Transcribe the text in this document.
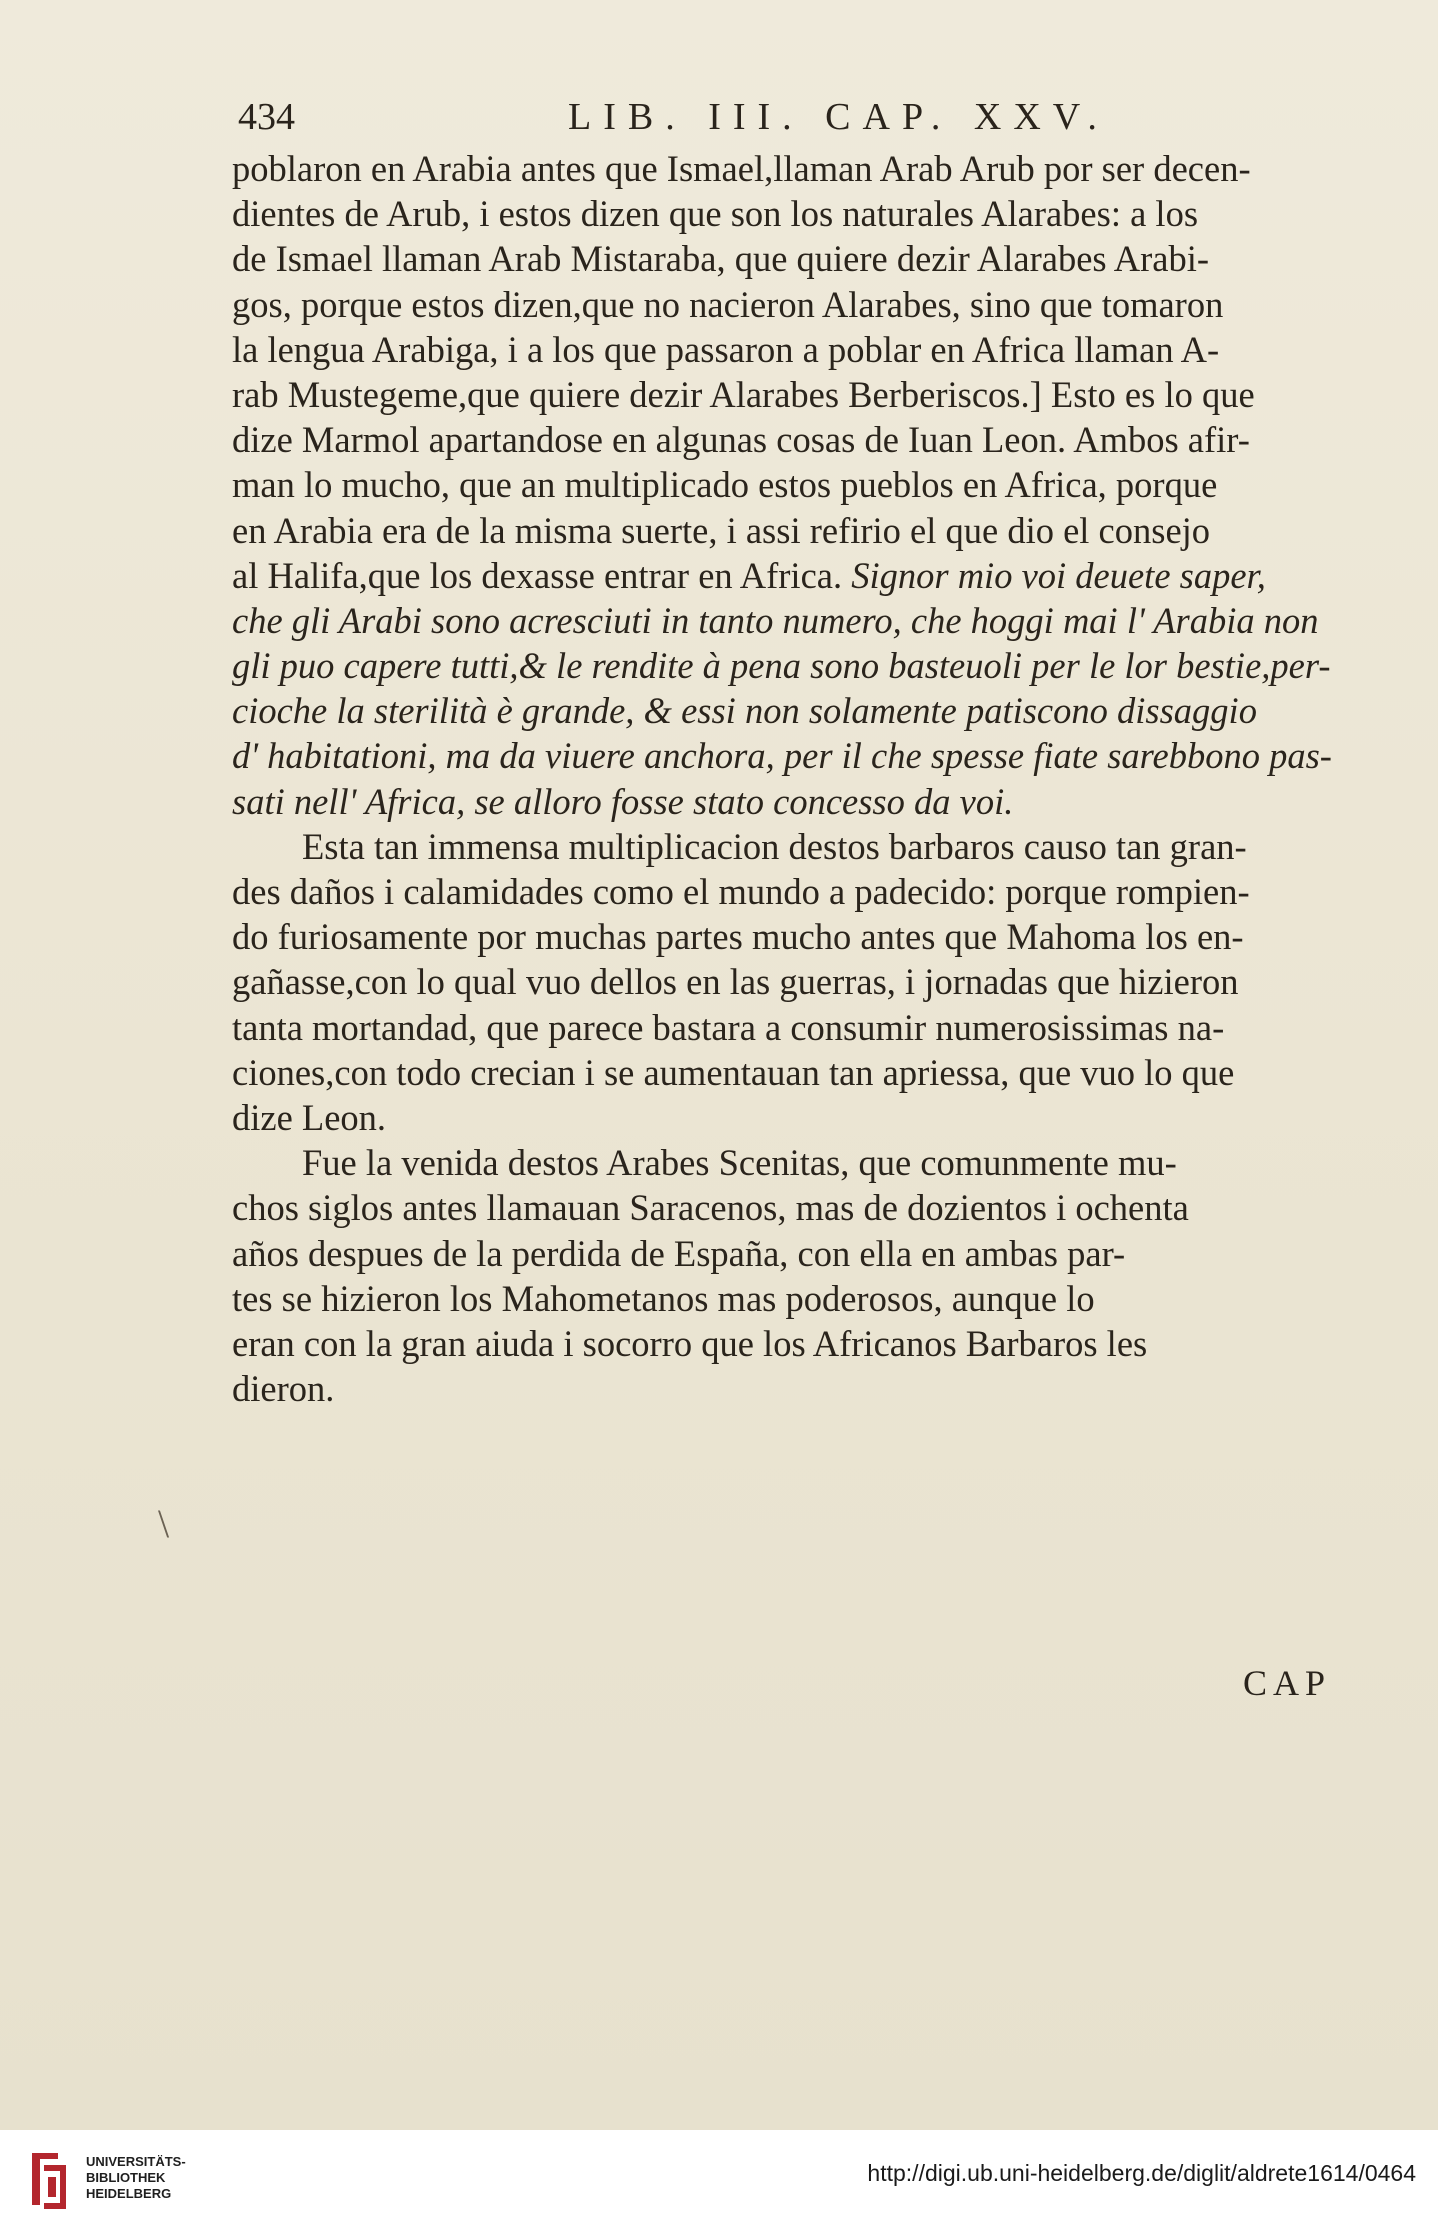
434	LIB. III. CAP. XXV.
poblaron en Arabia antes que Ismael,llaman Arab Arub por ser decen-
dientes de Arub, i estos dizen que son los naturales Alarabes: a los
de Ismael llaman Arab Mistaraba, que quiere dezir Alarabes Arabi-
gos, porque estos dizen,que no nacieron Alarabes, sino que tomaron
la lengua Arabiga, i a los que passaron a poblar en Africa llaman A-
rab Mustegeme,que quiere dezir Alarabes Berberiscos.] Esto es lo que
dize Marmol apartandose en algunas cosas de Iuan Leon. Ambos afir-
man lo mucho, que an multiplicado estos pueblos en Africa, porque
en Arabia era de la misma suerte, i assi refirio el que dio el consejo
al Halifa,que los dexasse entrar en Africa. Signor mio voi deuete saper,
che gli Arabi sono acresciuti in tanto numero, che hoggi mai l' Arabia non
gli puo capere tutti,& le rendite à pena sono basteuoli per le lor bestie,per-
cioche la sterilità è grande, & essi non solamente patiscono dissaggio
d' habitationi, ma da viuere anchora, per il che spesse fiate sarebbono pas-
sati nell' Africa, se alloro fosse stato concesso da voi.
Esta tan immensa multiplicacion destos barbaros causo tan gran-
des daños i calamidades como el mundo a padecido: porque rompien-
do furiosamente por muchas partes mucho antes que Mahoma los en-
gañasse,con lo qual vuo dellos en las guerras, i jornadas que hizieron
tanta mortandad, que parece bastara a consumir numerosissimas na-
ciones,con todo crecian i se aumentauan tan apriessa, que vuo lo que
dize Leon.
Fue la venida destos Arabes Scenitas, que comunmente mu-
chos siglos antes llamauan Saracenos, mas de dozientos i ochenta
años despues de la perdida de España, con ella en ambas par-
tes se hizieron los Mahometanos mas poderosos, aunque lo
eran con la gran aiuda i socorro que los Africanos Barbaros les
dieron.
CAP
\
UNIVERSITÄTS-
BIBLIOTHEK
HEIDELBERG
http://digi.ub.uni-heidelberg.de/diglit/aldrete1614/0464
